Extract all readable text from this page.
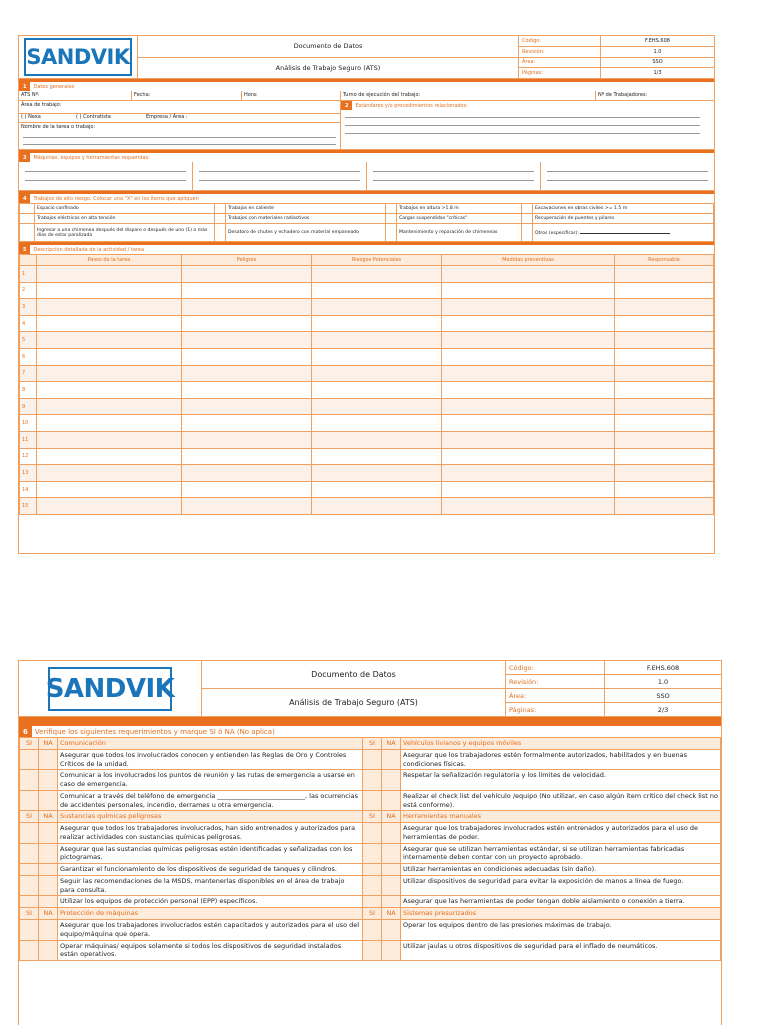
SANDVIK	Documento de Datos
Análisis de Trabajo Seguro (ATS)
Código:	F.EHS.608
Revisión:	1.0
Área:	SSO
Páginas:	1/3
1	Datos generales
ATS Nº:	Fecha:	Hora:	Turno de ejecución del trabajo:	Nº de Trabajadores:
Área de trabajo:
( ) Nexa	( ) Contratista	Empresa / Área :
Nombre de la tarea o trabajo:
2	Estándares y/o procedimientos relacionados:
3	Máquinas, equipos y herramientas requeridas:
4	Trabajos de alto riesgo. Colocar una "X" en los ítems que apliquen
	Espacio confinado		Trabajos en caliente		Trabajos en altura >1.8 m		Excavaciones en obras civiles >= 1.5 m
	Trabajos eléctricos en alta tensión		Trabajos con materiales radiactivos		Cargas suspendidas "críticas"		Recuperación de puentes y pilares
	Ingresar a una chimenea después del disparo o después de uno (1) o más días de estar paralizada		Desatoro de chutes y echadero con material empaneado		Mantenimiento y reparación de chimeneas		Otros (especificar):
5	Descripción detallada de la actividad / tarea
	Pasos de la tarea	Peligros	Riesgos Potenciales	Medidas preventivas	Responsable
1					
2					
3					
4					
5					
6					
7					
8					
9					
10					
11					
12					
13					
14					
15					
SANDVIK	Documento de Datos
Análisis de Trabajo Seguro (ATS)
Código:	F.EHS.608
Revisión:	1.0
Área:	SSO
Páginas:	2/3
6	Verifique los siguientes requerimientos y marque SI ó NA (No aplica)
SI	NA	Comunicación	SI	NA	Vehículos livianos y equipos móviles
		Asegurar que todos los involucrados conocen y entienden las Reglas de Oro y Controles Críticos de la unidad.			Asegurar que los trabajadores estén formalmente autorizados, habilitados y en buenas condiciones físicas.
		Comunicar a los involucrados los puntos de reunión y las rutas de emergencia a usarse en caso de emergencia.			Respetar la señalización regulatoria y los límites de velocidad.
		Comunicar a través del teléfono de emergencia ___________________________, las ocurrencias de accidentes personales, incendio, derrames u otra emergencia.			Realizar el check list del vehículo /equipo (No utilizar, en caso algún ítem crítico del check list no está conforme).
SI	NA	Sustancias químicas peligrosas	SI	NA	Herramientas manuales
		Asegurar que todos los trabajadores involucrados, han sido entrenados y autorizados para realizar actividades con sustancias químicas peligrosas.			Asegurar que los trabajadores involucrados estén entrenados y autorizados para el uso de herramientas de poder.
		Asegurar que las sustancias químicas peligrosas estén identificadas y señalizadas con los pictogramas.			Asegurar que se utilizan herramientas estándar, si se utilizan herramientas fabricadas internamente deben contar con un proyecto aprobado.
		Garantizar el funcionamiento de los dispositivos de seguridad de tanques y cilindros.			Utilizar herramientas en condiciones adecuadas (sin daño).
		Seguir las recomendaciones de la MSDS, mantenerlas disponibles en el área de trabajo para consulta.			Utilizar dispositivos de seguridad para evitar la exposición de manos a línea de fuego.
		Utilizar los equipos de protección personal (EPP) específicos.			Asegurar que las herramientas de poder tengan doble aislamiento o conexión a tierra.
SI	NA	Protección de máquinas	SI	NA	Sistemas presurizados
		Asegurar que los trabajadores involucrados estén capacitados y autorizados para el uso del equipo/máquina que opera.			Operar los equipos dentro de las presiones máximas de trabajo.
		Operar máquinas/ equipos solamente si todos los dispositivos de seguridad instalados están operativos.			Utilizar jaulas u otros dispositivos de seguridad para el inflado de neumáticos.
